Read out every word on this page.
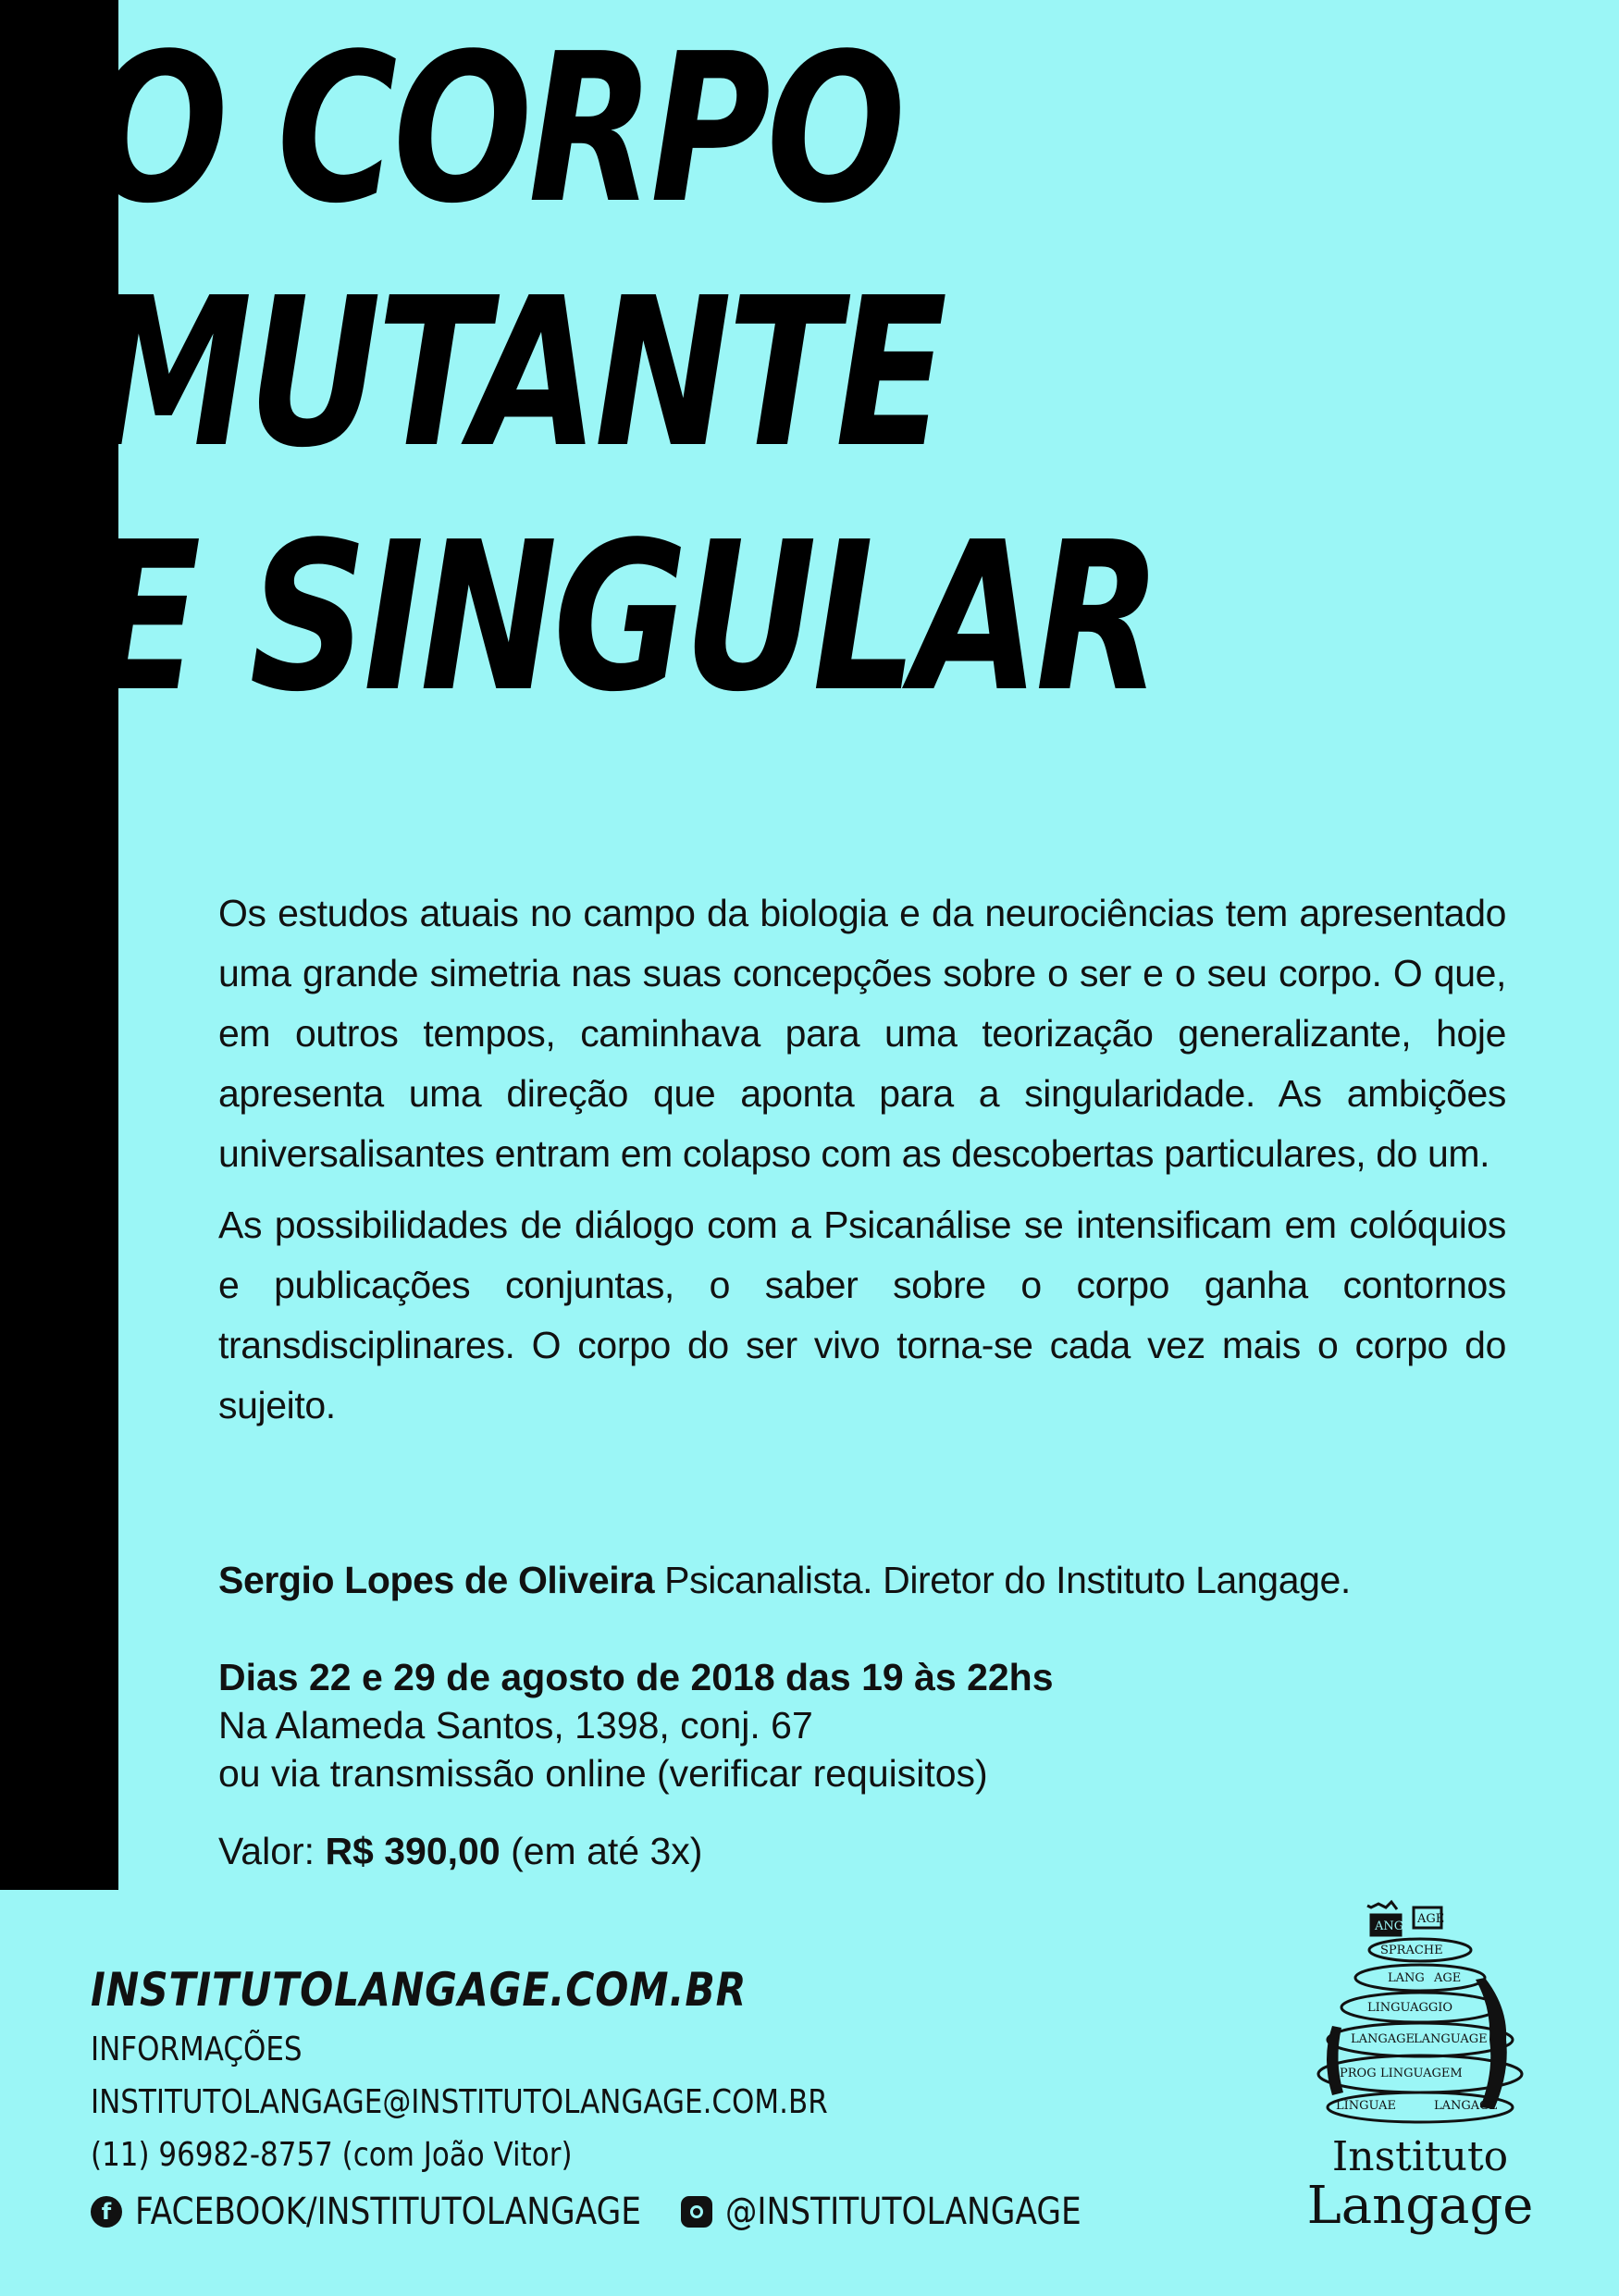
O CORPO
MUTANTE
E SINGULAR

Os estudos atuais no campo da biologia e da neurociências tem apresentado uma grande simetria nas suas concepções sobre o ser e o seu corpo. O que, em outros tempos, caminhava para uma teorização generalizante, hoje apresenta uma direção que aponta para a singularidade. As ambições universalisantes entram em colapso com as descobertas particulares, do um.

As possibilidades de diálogo com a Psicanálise se intensificam em colóquios e publicações conjuntas, o saber sobre o corpo ganha contornos transdisciplinares. O corpo do ser vivo torna-se cada vez mais o corpo do sujeito.

Sergio Lopes de Oliveira Psicanalista. Diretor do Instituto Langage.
Dias 22 e 29 de agosto de 2018 das 19 às 22hs
Na Alameda Santos, 1398, conj. 67
ou via transmissão online (verificar requisitos)
Valor: R$ 390,00 (em até 3x)
INSTITUTOLANGAGE.COM.BR
INFORMAÇÕES
INSTITUTOLANGAGE@INSTITUTOLANGAGE.COM.BR
(11) 96982-8757 (com João Vitor)
f FACEBOOK/INSTITUTOLANGAGE @INSTITUTOLANGAGE
ANG
AGE
SPRACHE
LANG AGE
LINGUAGGIO
LANGAGE
LANGUAGE
PROG LINGUAGEM
LINGUAE	LANGAGE
Instituto
Langage
